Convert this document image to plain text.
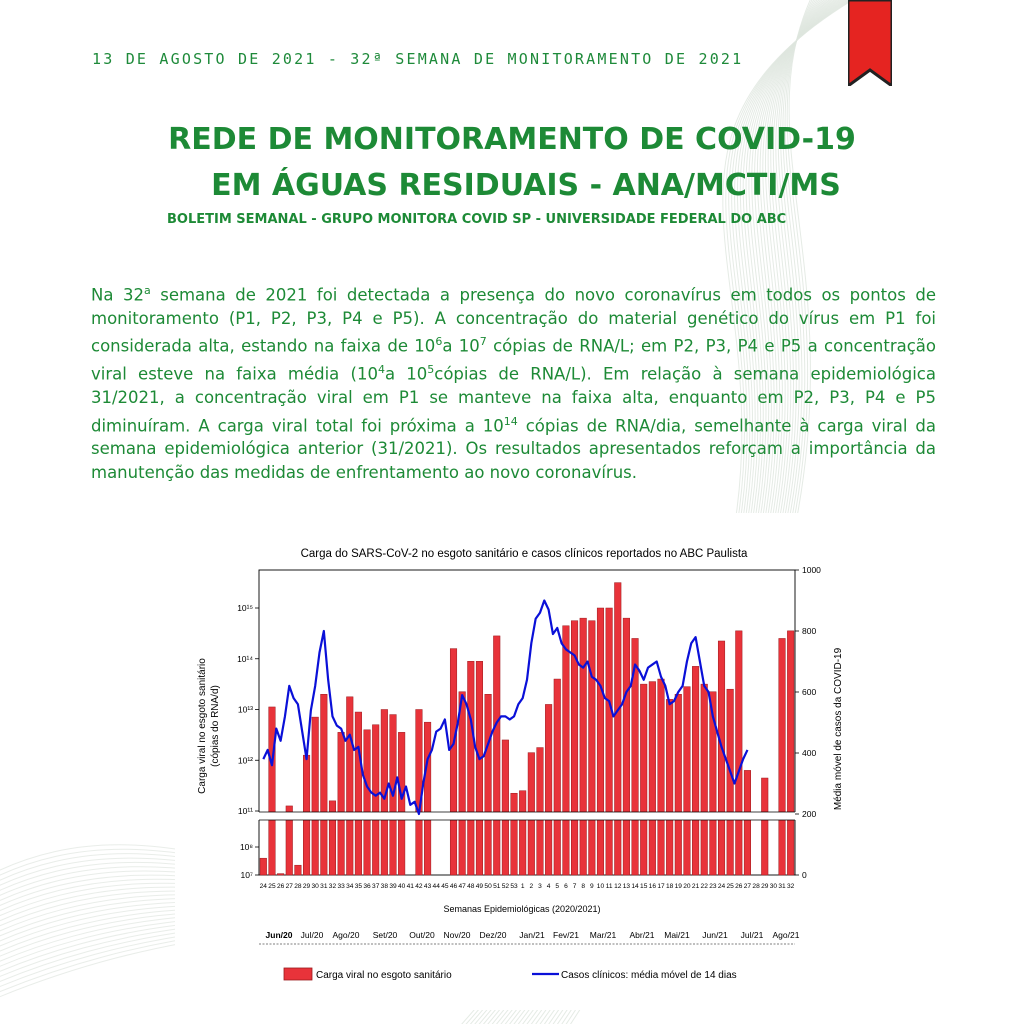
13 DE AGOSTO DE 2021 - 32ª SEMANA DE MONITORAMENTO DE 2021
REDE DE MONITORAMENTO DE COVID-19
EM ÁGUAS RESIDUAIS - ANA/MCTI/MS
BOLETIM SEMANAL - GRUPO MONITORA COVID SP - UNIVERSIDADE FEDERAL DO ABC
Na 32$^a$ semana de 2021 foi detectada a presença do novo coronavírus em todos os pontos de monitoramento (P1, P2, P3, P4 e P5). A concentração do material genético do vírus em P1 foi considerada alta, estando na faixa de $10^6a$ $10^7$ cópias de RNA/L; em P2, P3, P4 e P5 a concentração viral esteve na faixa média ($10^4a$ $10^5cópias$ de RNA/L). Em relação à semana epidemiológica 31/2021, a concentração viral em P1 se manteve na faixa alta, enquanto em P2, P3, P4 e P5 diminuíram. A carga viral total foi próxima a $10^{14}$ cópias de RNA/dia, semelhante à carga viral da semana epidemiológica anterior (31/2021). Os resultados apresentados reforçam a importância da manutenção das medidas de enfrentamento ao novo coronavírus.
Carga do SARS-CoV-2 no esgoto sanitário e casos clínicos reportados no ABC Paulista
Semanas Epidemiológicas (2020/2021)
Carga viral no esgoto sanitário (cópias do RNA/d)	Média móvel de casos da COVID-19
10⁷
10⁸
10¹¹
10¹²
10¹³
10¹⁴
10¹⁵
0
200
400
600
800
1000
24 25 26 27 28 29 30 31 32 33 34 35 36 37 38 39 40 41 42 43 44 45 46 47 48 49 50 51 52 53 1 2 3 4 5 6 7 8 9 10 11 12 13 14 15 16 17 18 19 20 21 22 23 24 25 26 27 28 29 30 31 32
Jun/20 Jul/20 Ago/20 Set/20 Out/20 Nov/20 Dez/20 Jan/21 Fev/21 Mar/21 Abr/21 Mai/21 Jun/21 Jul/21 Ago/21
Carga viral no esgoto sanitário	Casos clínicos: média móvel de 14 dias
